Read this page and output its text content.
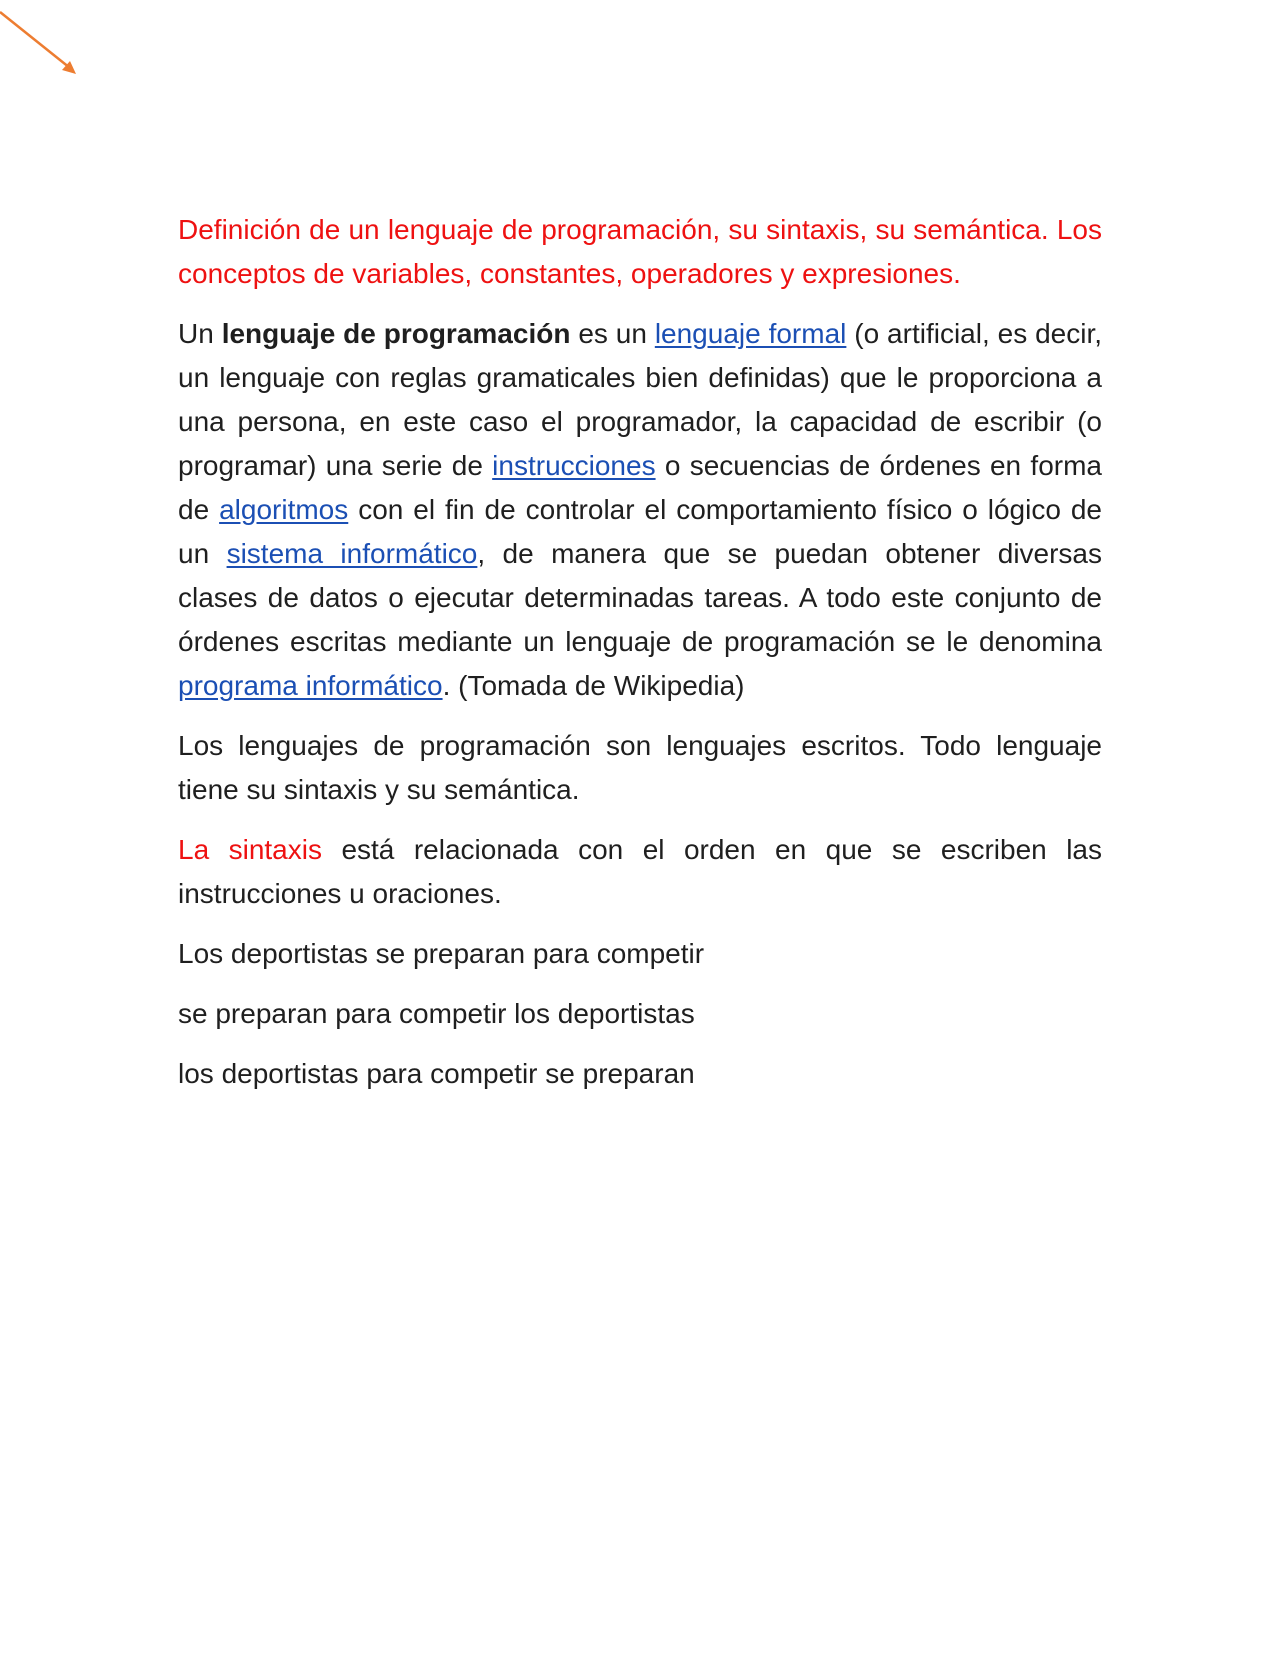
Definición de un lenguaje de programación, su sintaxis, su semántica. Los conceptos de variables, constantes, operadores y expresiones.

Un lenguaje de programación es un lenguaje formal (o artificial, es decir, un lenguaje con reglas gramaticales bien definidas) que le proporciona a una persona, en este caso el programador, la capacidad de escribir (o programar) una serie de instrucciones o secuencias de órdenes en forma de algoritmos con el fin de controlar el comportamiento físico o lógico de un sistema informático, de manera que se puedan obtener diversas clases de datos o ejecutar determinadas tareas. A todo este conjunto de órdenes escritas mediante un lenguaje de programación se le denomina programa informático. (Tomada de Wikipedia)

Los lenguajes de programación son lenguajes escritos. Todo lenguaje tiene su sintaxis y su semántica.

La sintaxis está relacionada con el orden en que se escriben las instrucciones u oraciones.

Los deportistas se preparan para competir

se preparan para competir los deportistas

los deportistas para competir se preparan
